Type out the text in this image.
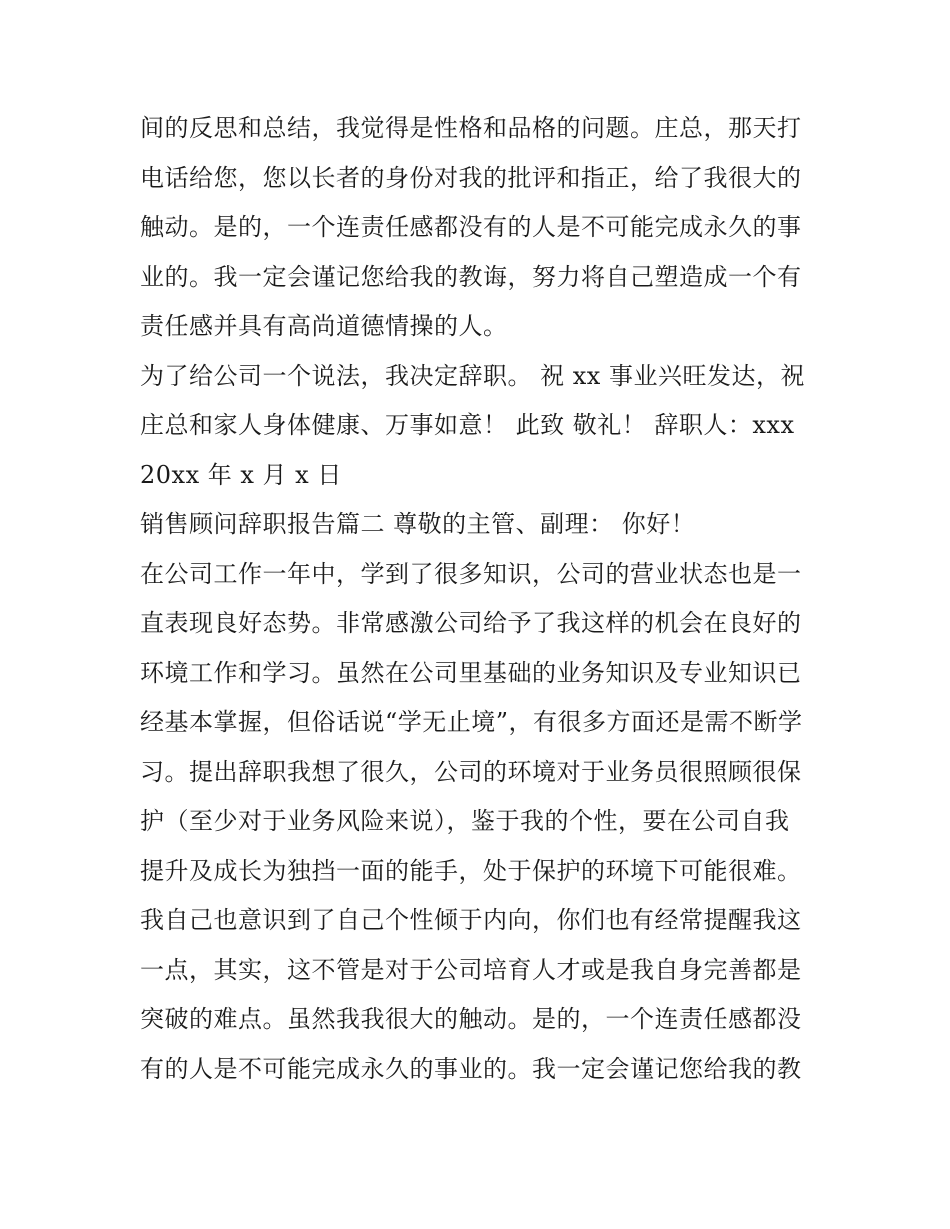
间的反思和总结，我觉得是性格和品格的问题。庄总，那天打
电话给您，您以长者的身份对我的批评和指正，给了我很大的
触动。是的，一个连责任感都没有的人是不可能完成永久的事
业的。我一定会谨记您给我的教诲，努力将自己塑造成一个有
责任感并具有高尚道德情操的人。
为了给公司一个说法，我决定辞职。 祝 xx 事业兴旺发达，祝
庄总和家人身体健康、万事如意！ 此致 敬礼！ 辞职人：xxx
20xx 年 x 月 x 日
销售顾问辞职报告篇二 尊敬的主管、副理： 你好！
在公司工作一年中，学到了很多知识，公司的营业状态也是一
直表现良好态势。非常感激公司给予了我这样的机会在良好的
环境工作和学习。虽然在公司里基础的业务知识及专业知识已
经基本掌握，但俗话说“学无止境”，有很多方面还是需不断学
习。提出辞职我想了很久，公司的环境对于业务员很照顾很保
护（至少对于业务风险来说），鉴于我的个性，要在公司自我
提升及成长为独挡一面的能手，处于保护的环境下可能很难。
我自己也意识到了自己个性倾于内向，你们也有经常提醒我这
一点，其实，这不管是对于公司培育人才或是我自身完善都是
突破的难点。虽然我我很大的触动。是的，一个连责任感都没
有的人是不可能完成永久的事业的。我一定会谨记您给我的教
